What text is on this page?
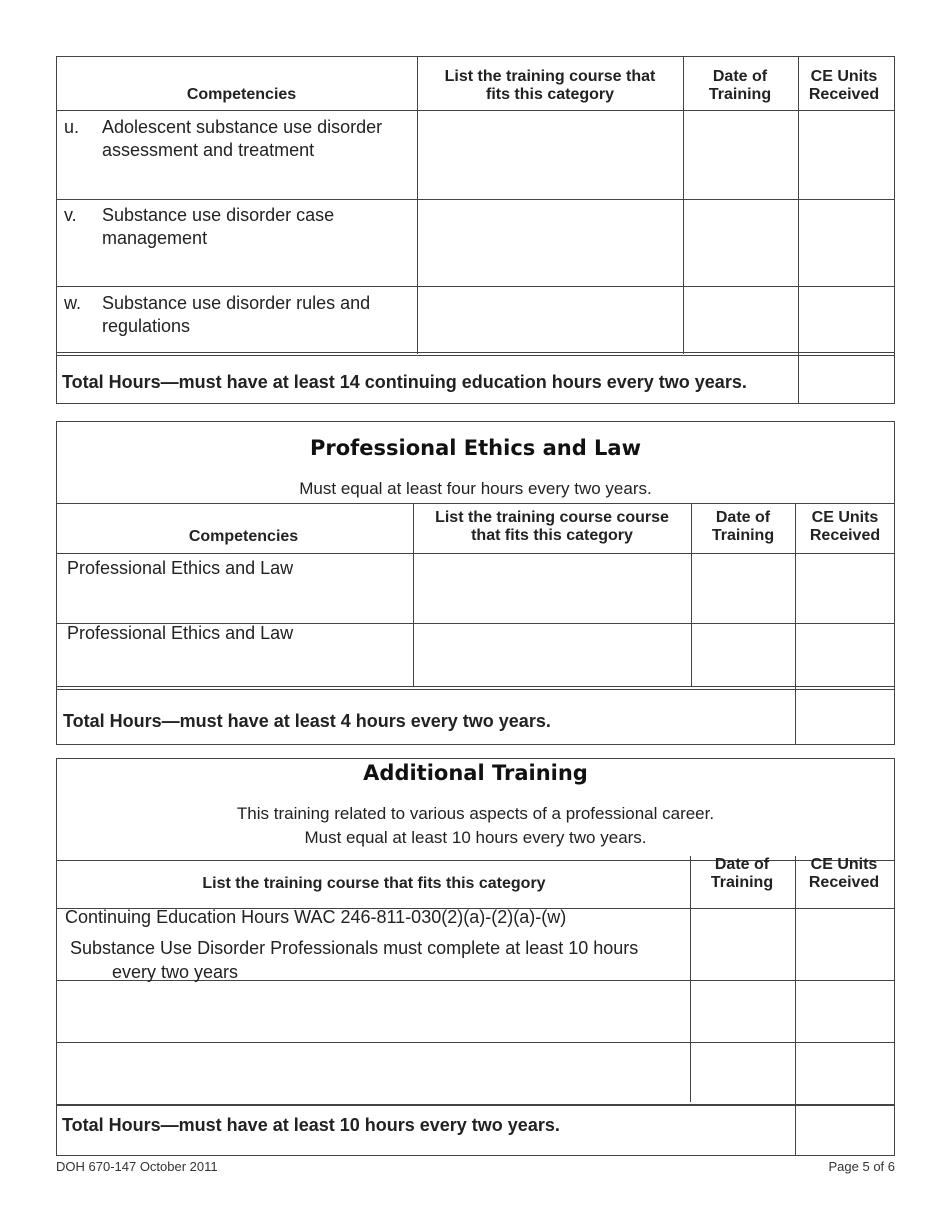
Competencies
List the training course that fits this category
Date of Training
CE Units Received
u. Adolescent substance use disorder assessment and treatment
v. Substance use disorder case management
w. Substance use disorder rules and regulations
Total Hours—must have at least 14 continuing education hours every two years.
Professional Ethics and Law
Must equal at least four hours every two years.
Competencies
List the training course course that fits this category
Date of Training
CE Units Received
Professional Ethics and Law
Professional Ethics and Law
Total Hours—must have at least 4 hours every two years.
Additional Training
This training related to various aspects of a professional career.
Must equal at least 10 hours every two years.
List the training course that fits this category
Date of Training
CE Units Received
Continuing Education Hours WAC 246-811-030(2)(a)-(2)(a)-(w)
Substance Use Disorder Professionals must complete at least 10 hours
every two years
Total Hours—must have at least 10 hours every two years.
DOH 670-147 October 2011	Page 5 of 6
